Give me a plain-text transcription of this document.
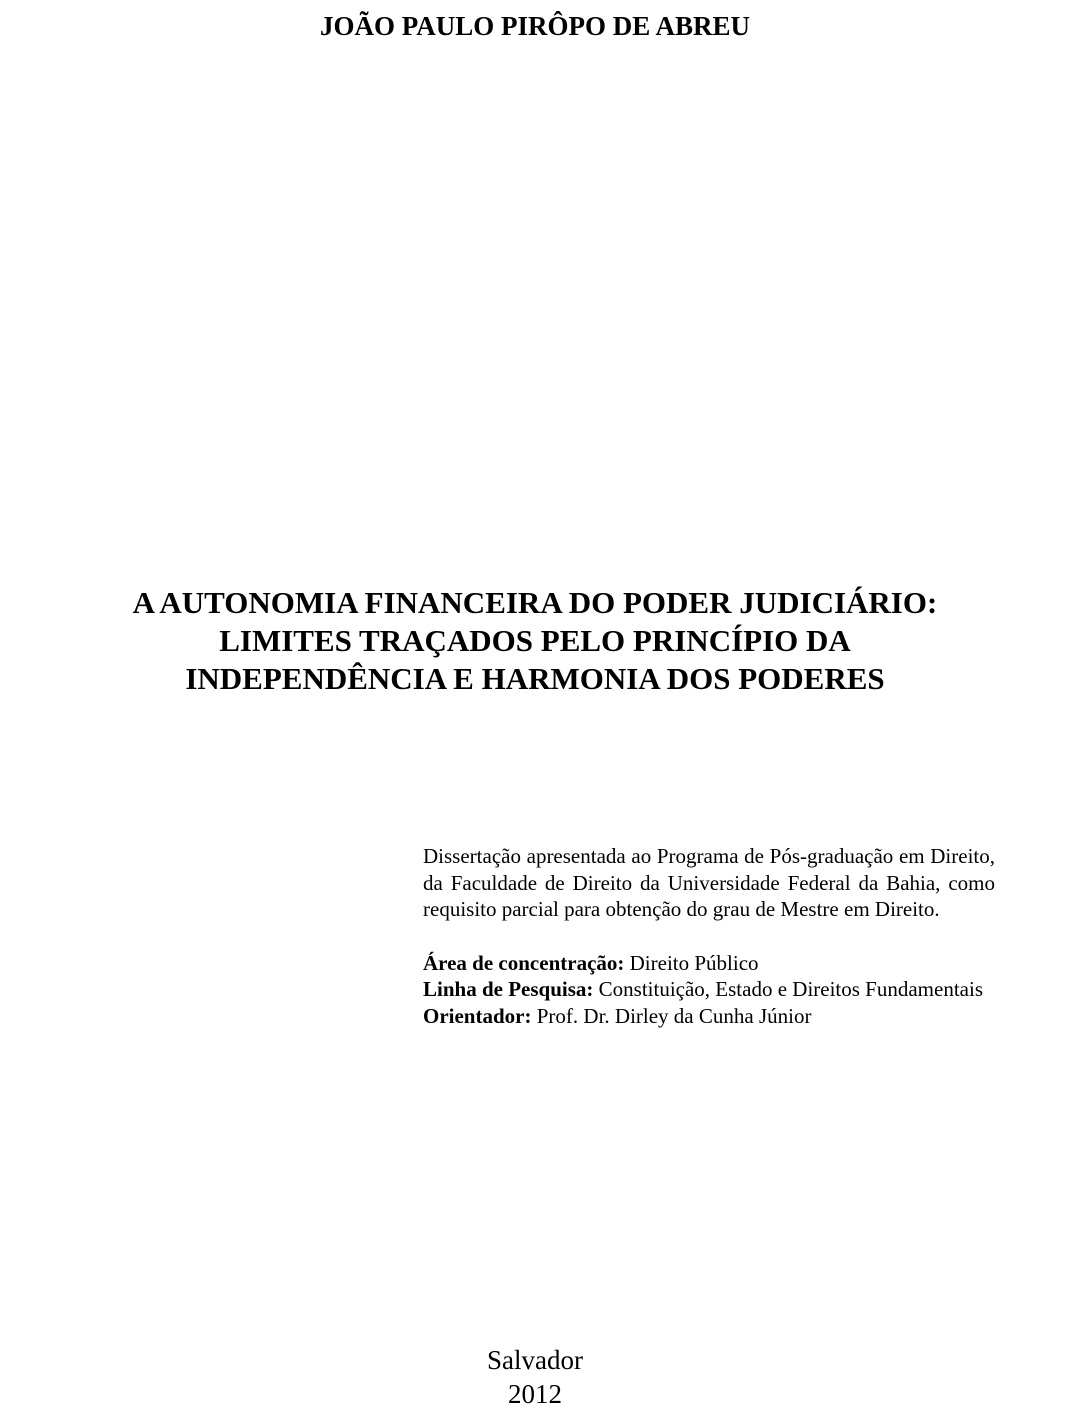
JOÃO PAULO PIRÔPO DE ABREU
A AUTONOMIA FINANCEIRA DO PODER JUDICIÁRIO:
LIMITES TRAÇADOS PELO PRINCÍPIO DA
INDEPENDÊNCIA E HARMONIA DOS PODERES

Dissertação apresentada ao Programa de Pós-graduação em Direito, da Faculdade de Direito da Universidade Federal da Bahia, como requisito parcial para obtenção do grau de Mestre em Direito.

Área de concentração: Direito Público

Linha de Pesquisa: Constituição, Estado e Direitos Fundamentais

Orientador: Prof. Dr. Dirley da Cunha Júnior

Salvador
2012
